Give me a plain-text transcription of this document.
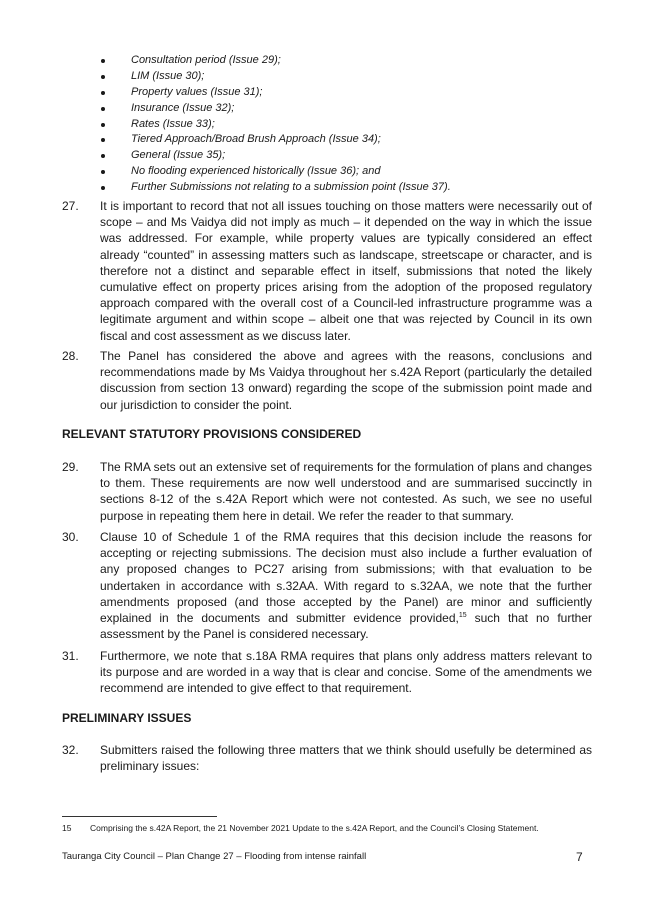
Consultation period (Issue 29);
LIM (Issue 30);
Property values (Issue 31);
Insurance (Issue 32);
Rates (Issue 33);
Tiered Approach/Broad Brush Approach (Issue 34);
General (Issue 35);
No flooding experienced historically (Issue 36); and
Further Submissions not relating to a submission point (Issue 37).
27. It is important to record that not all issues touching on those matters were necessarily out of scope – and Ms Vaidya did not imply as much – it depended on the way in which the issue was addressed. For example, while property values are typically considered an effect already “counted” in assessing matters such as landscape, streetscape or character, and is therefore not a distinct and separable effect in itself, submissions that noted the likely cumulative effect on property prices arising from the adoption of the proposed regulatory approach compared with the overall cost of a Council-led infrastructure programme was a legitimate argument and within scope – albeit one that was rejected by Council in its own fiscal and cost assessment as we discuss later.
28. The Panel has considered the above and agrees with the reasons, conclusions and recommendations made by Ms Vaidya throughout her s.42A Report (particularly the detailed discussion from section 13 onward) regarding the scope of the submission point made and our jurisdiction to consider the point.
RELEVANT STATUTORY PROVISIONS CONSIDERED
29. The RMA sets out an extensive set of requirements for the formulation of plans and changes to them. These requirements are now well understood and are summarised succinctly in sections 8-12 of the s.42A Report which were not contested. As such, we see no useful purpose in repeating them here in detail. We refer the reader to that summary.
30. Clause 10 of Schedule 1 of the RMA requires that this decision include the reasons for accepting or rejecting submissions. The decision must also include a further evaluation of any proposed changes to PC27 arising from submissions; with that evaluation to be undertaken in accordance with s.32AA. With regard to s.32AA, we note that the further amendments proposed (and those accepted by the Panel) are minor and sufficiently explained in the documents and submitter evidence provided,$^{15}$ such that no further assessment by the Panel is considered necessary.
31. Furthermore, we note that s.18A RMA requires that plans only address matters relevant to its purpose and are worded in a way that is clear and concise. Some of the amendments we recommend are intended to give effect to that requirement.
PRELIMINARY ISSUES
32. Submitters raised the following three matters that we think should usefully be determined as preliminary issues:
15 Comprising the s.42A Report, the 21 November 2021 Update to the s.42A Report, and the Council’s Closing Statement.
Tauranga City Council – Plan Change 27 – Flooding from intense rainfall	7
